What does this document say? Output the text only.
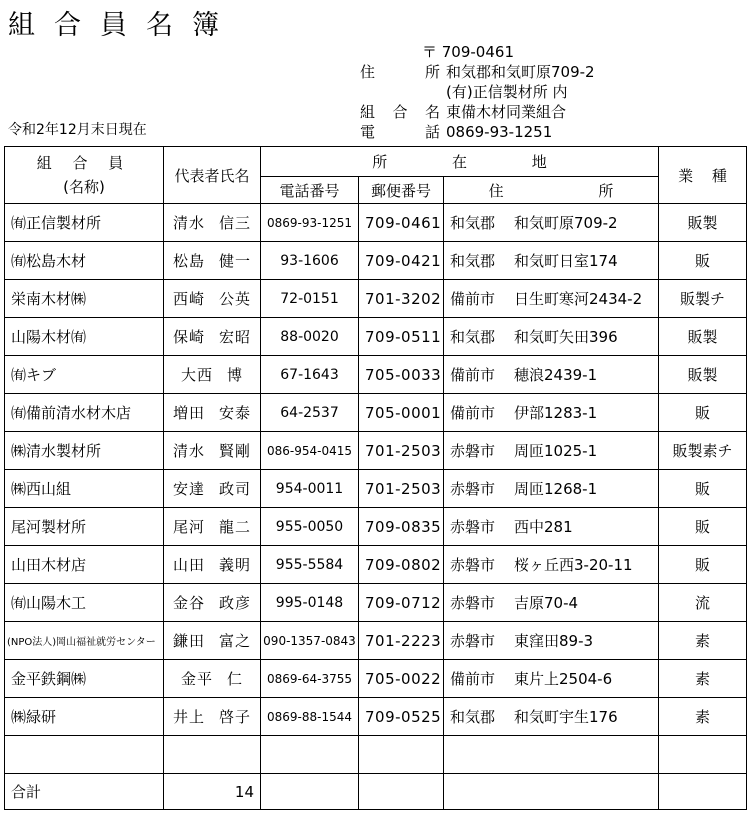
組合員名簿
〒 709-0461
住	所 和気郡和気町原709-2
(有)正信製材所 内
組 合 名 東備木材同業組合
電	話 0869-93-1251
令和2年12月末日現在
組 合 員
(名称)	代表者氏名	所 在 地			業 種
		電話番号	郵便番号	住 所	
㈲正信製材所	清水 信三	0869-93-1251	709-0461	和気郡 和気町原709-2	販製
㈲松島木材	松島 健一	93-1606	709-0421	和気郡 和気町日室174	販
栄南木材㈱	西崎 公英	72-0151	701-3202	備前市 日生町寒河2434-2	販製チ
山陽木材㈲	保崎 宏昭	88-0020	709-0511	和気郡 和気町矢田396	販製
㈲キブ	大西 博	67-1643	705-0033	備前市 穂浪2439-1	販製
㈲備前清水材木店	増田 安泰	64-2537	705-0001	備前市 伊部1283-1	販
㈱清水製材所	清水 賢剛	086-954-0415	701-2503	赤磐市 周匝1025-1	販製素チ
㈱西山組	安達 政司	954-0011	701-2503	赤磐市 周匝1268-1	販
尾河製材所	尾河 龍二	955-0050	709-0835	赤磐市 西中281	販
山田木材店	山田 義明	955-5584	709-0802	赤磐市 桜ヶ丘西3-20-11	販
㈲山陽木工	金谷 政彦	995-0148	709-0712	赤磐市 吉原70-4	流
(NPO法人)岡山福祉就労センター	鎌田 富之	090-1357-0843	701-2223	赤磐市 東窪田89-3	素
金平鉄鋼㈱	金平 仁	0869-64-3755	705-0022	備前市 東片上2504-6	素
㈱緑研	井上 啓子	0869-88-1544	709-0525	和気郡 和気町宇生176	素

合計	14				
